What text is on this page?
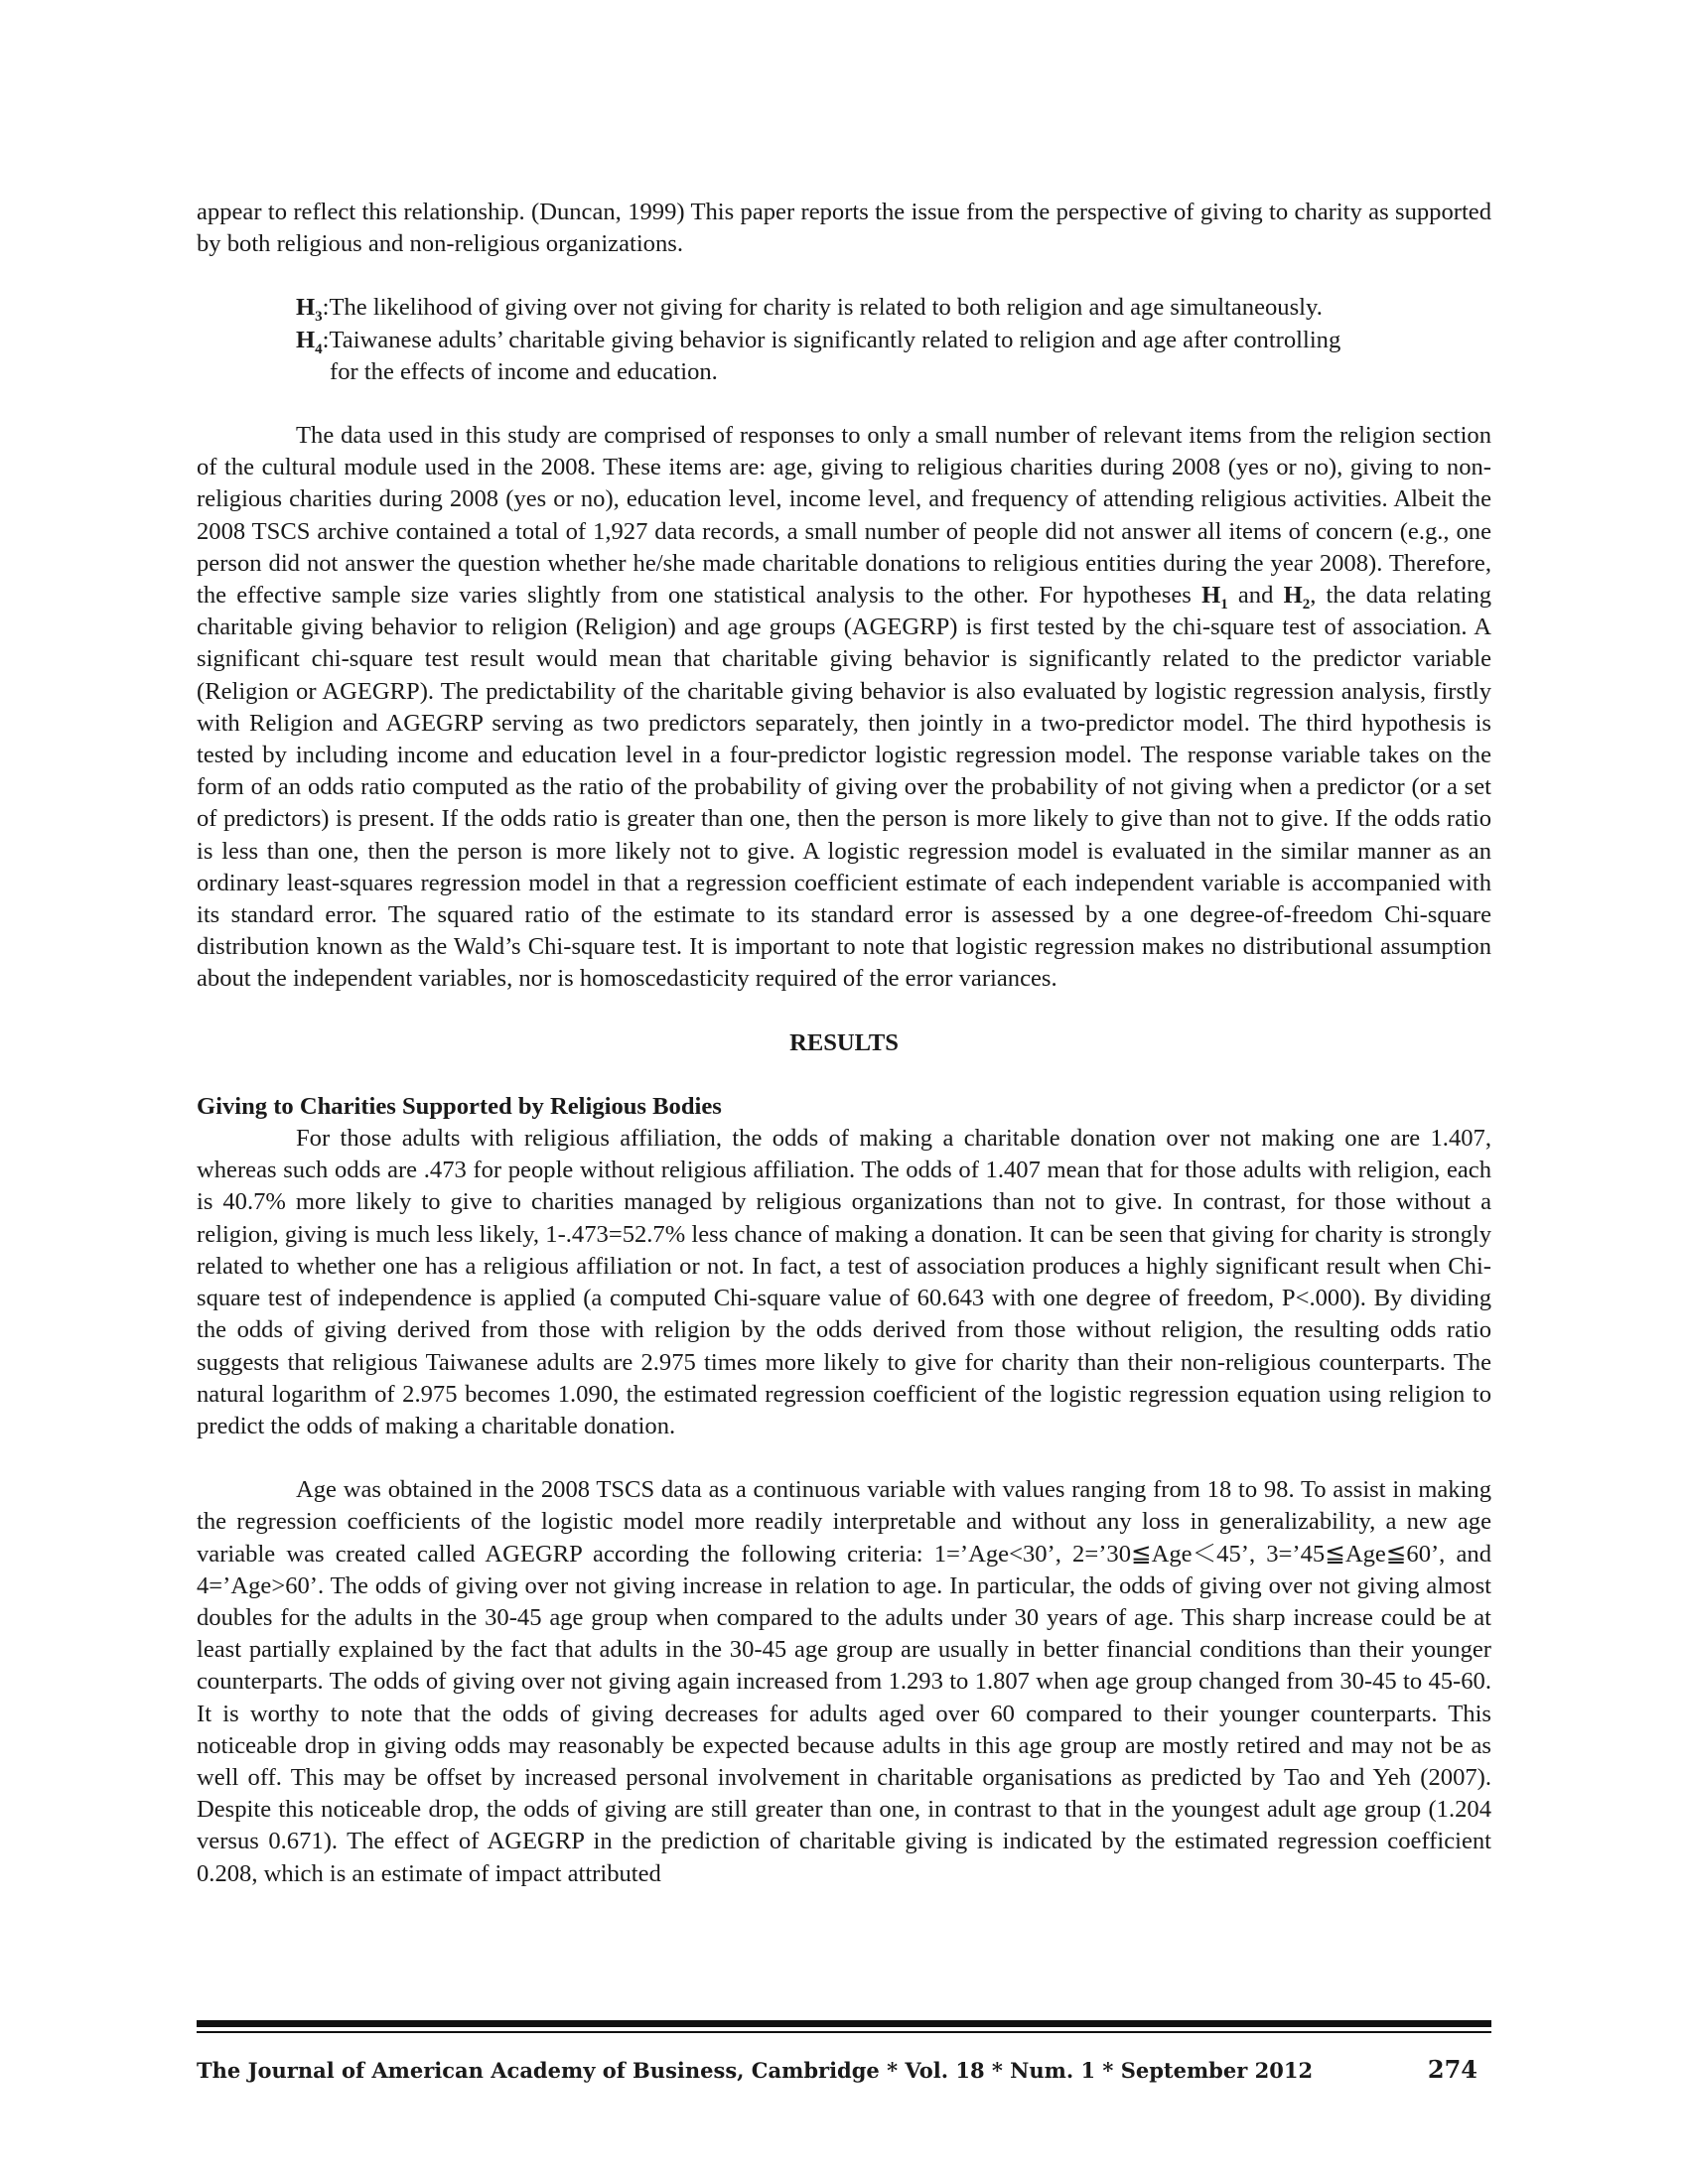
appear to reflect this relationship. (Duncan, 1999) This paper reports the issue from the perspective of giving to charity as supported by both religious and non-religious organizations.

$H_3:The$ likelihood of giving over not giving for charity is related to both religion and age simultaneously.
$H_4:Taiwanese$ adults’ charitable giving behavior is significantly related to religion and age after controlling
for the effects of income and education.

The data used in this study are comprised of responses to only a small number of relevant items from the religion section of the cultural module used in the 2008. These items are: age, giving to religious charities during 2008 (yes or no), giving to non-religious charities during 2008 (yes or no), education level, income level, and frequency of attending religious activities. Albeit the 2008 TSCS archive contained a total of 1,927 data records, a small number of people did not answer all items of concern (e.g., one person did not answer the question whether he/she made charitable donations to religious entities during the year 2008). Therefore, the effective sample size varies slightly from one statistical analysis to the other. For hypotheses $H_1$ and $H_2$, the data relating charitable giving behavior to religion (Religion) and age groups (AGEGRP) is first tested by the chi-square test of association. A significant chi-square test result would mean that charitable giving behavior is significantly related to the predictor variable (Religion or AGEGRP). The predictability of the charitable giving behavior is also evaluated by logistic regression analysis, firstly with Religion and AGEGRP serving as two predictors separately, then jointly in a two-predictor model. The third hypothesis is tested by including income and education level in a four-predictor logistic regression model. The response variable takes on the form of an odds ratio computed as the ratio of the probability of giving over the probability of not giving when a predictor (or a set of predictors) is present. If the odds ratio is greater than one, then the person is more likely to give than not to give. If the odds ratio is less than one, then the person is more likely not to give. A logistic regression model is evaluated in the similar manner as an ordinary least-squares regression model in that a regression coefficient estimate of each independent variable is accompanied with its standard error. The squared ratio of the estimate to its standard error is assessed by a one degree-of-freedom Chi-square distribution known as the Wald’s Chi-square test. It is important to note that logistic regression makes no distributional assumption about the independent variables, nor is homoscedasticity required of the error variances.

RESULTS

Giving to Charities Supported by Religious Bodies

For those adults with religious affiliation, the odds of making a charitable donation over not making one are 1.407, whereas such odds are .473 for people without religious affiliation. The odds of 1.407 mean that for those adults with religion, each is 40.7% more likely to give to charities managed by religious organizations than not to give. In contrast, for those without a religion, giving is much less likely, 1-.473=52.7% less chance of making a donation. It can be seen that giving for charity is strongly related to whether one has a religious affiliation or not. In fact, a test of association produces a highly significant result when Chi-square test of independence is applied (a computed Chi-square value of 60.643 with one degree of freedom, P<.000). By dividing the odds of giving derived from those with religion by the odds derived from those without religion, the resulting odds ratio suggests that religious Taiwanese adults are 2.975 times more likely to give for charity than their non-religious counterparts. The natural logarithm of 2.975 becomes 1.090, the estimated regression coefficient of the logistic regression equation using religion to predict the odds of making a charitable donation.

Age was obtained in the 2008 TSCS data as a continuous variable with values ranging from 18 to 98. To assist in making the regression coefficients of the logistic model more readily interpretable and without any loss in generalizability, a new age variable was created called AGEGRP according the following criteria: 1=’Age<30’, 2=’30≦Age＜45’, 3=’45≦Age≦60’, and 4=’Age>60’. The odds of giving over not giving increase in relation to age. In particular, the odds of giving over not giving almost doubles for the adults in the 30-45 age group when compared to the adults under 30 years of age. This sharp increase could be at least partially explained by the fact that adults in the 30-45 age group are usually in better financial conditions than their younger counterparts. The odds of giving over not giving again increased from 1.293 to 1.807 when age group changed from 30-45 to 45-60. It is worthy to note that the odds of giving decreases for adults aged over 60 compared to their younger counterparts. This noticeable drop in giving odds may reasonably be expected because adults in this age group are mostly retired and may not be as well off. This may be offset by increased personal involvement in charitable organisations as predicted by Tao and Yeh (2007). Despite this noticeable drop, the odds of giving are still greater than one, in contrast to that in the youngest adult age group (1.204 versus 0.671). The effect of AGEGRP in the prediction of charitable giving is indicated by the estimated regression coefficient 0.208, which is an estimate of impact attributed

The Journal of American Academy of Business, Cambridge * Vol. 18 * Num. 1 * September 2012	274
